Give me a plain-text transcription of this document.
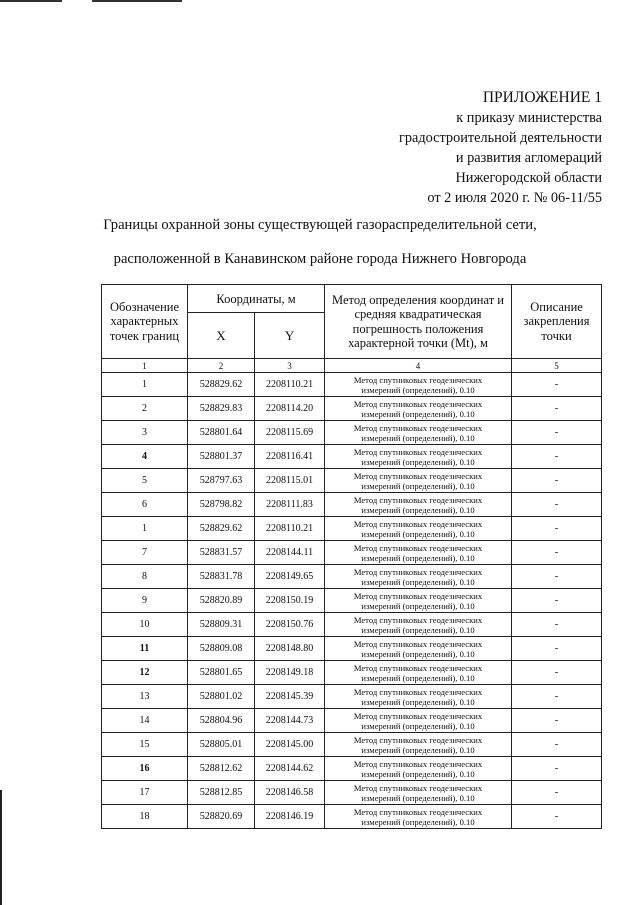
ПРИЛОЖЕНИЕ 1
к приказу министерства
градостроительной деятельности
и развития агломераций
Нижегородской области
от 2 июля 2020 г. № 06-11/55
Границы охранной зоны существующей газораспределительной сети,
расположенной в Канавинском районе города Нижнего Новгорода
Обозначение характерных точек границ	Координаты, м		Метод определения координат и средняя квадратическая погрешность положения характерной точки (Mt), м	Описание закрепления точки
	X	Y		
1	2	3	4	5
1	528829.62	2208110.21	Метод спутниковых геодезических
измерений (определений), 0.10	-
2	528829.83	2208114.20	Метод спутниковых геодезических
измерений (определений), 0.10	-
3	528801.64	2208115.69	Метод спутниковых геодезических
измерений (определений), 0.10	-
4	528801.37	2208116.41	Метод спутниковых геодезических
измерений (определений), 0.10	-
5	528797.63	2208115.01	Метод спутниковых геодезических
измерений (определений), 0.10	-
6	528798.82	2208111.83	Метод спутниковых геодезических
измерений (определений), 0.10	-
1	528829.62	2208110.21	Метод спутниковых геодезических
измерений (определений), 0.10	-
7	528831.57	2208144.11	Метод спутниковых геодезических
измерений (определений), 0.10	-
8	528831.78	2208149.65	Метод спутниковых геодезических
измерений (определений), 0.10	-
9	528820.89	2208150.19	Метод спутниковых геодезических
измерений (определений), 0.10	-
10	528809.31	2208150.76	Метод спутниковых геодезических
измерений (определений), 0.10	-
11	528809.08	2208148.80	Метод спутниковых геодезических
измерений (определений), 0.10	-
12	528801.65	2208149.18	Метод спутниковых геодезических
измерений (определений), 0.10	-
13	528801.02	2208145.39	Метод спутниковых геодезических
измерений (определений), 0.10	-
14	528804.96	2208144.73	Метод спутниковых геодезических
измерений (определений), 0.10	-
15	528805.01	2208145.00	Метод спутниковых геодезических
измерений (определений), 0.10	-
16	528812.62	2208144.62	Метод спутниковых геодезических
измерений (определений), 0.10	-
17	528812.85	2208146.58	Метод спутниковых геодезических
измерений (определений), 0.10	-
18	528820.69	2208146.19	Метод спутниковых геодезических
измерений (определений), 0.10	-
